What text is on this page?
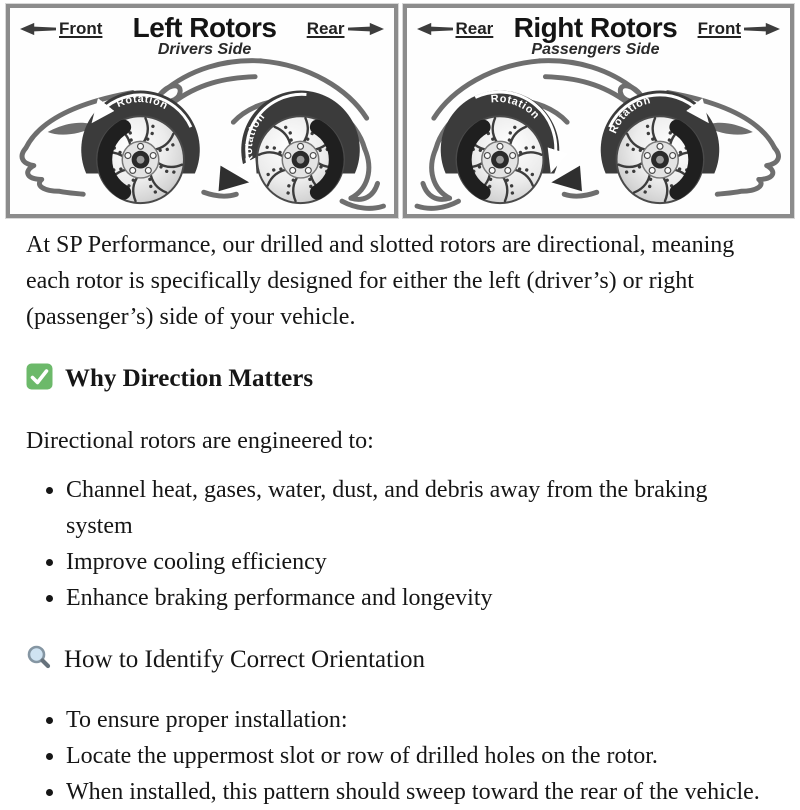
Front	Left Rotors
Drivers Side
Rear
Rotation
Rotation
Rear Right Rotors
Passengers Side
Front
Rotation
Rotation

At SP Performance, our drilled and slotted rotors are directional, meaning each rotor is specifically designed for either the left (driver’s) or right (passenger’s) side of your vehicle.

Why Direction Matters

Directional rotors are engineered to:

• Channel heat, gases, water, dust, and debris away from the braking system
• Improve cooling efficiency
• Enhance braking performance and longevity
How to Identify Correct Orientation
• To ensure proper installation:
• Locate the uppermost slot or row of drilled holes on the rotor.
• When installed, this pattern should sweep toward the rear of the vehicle.
